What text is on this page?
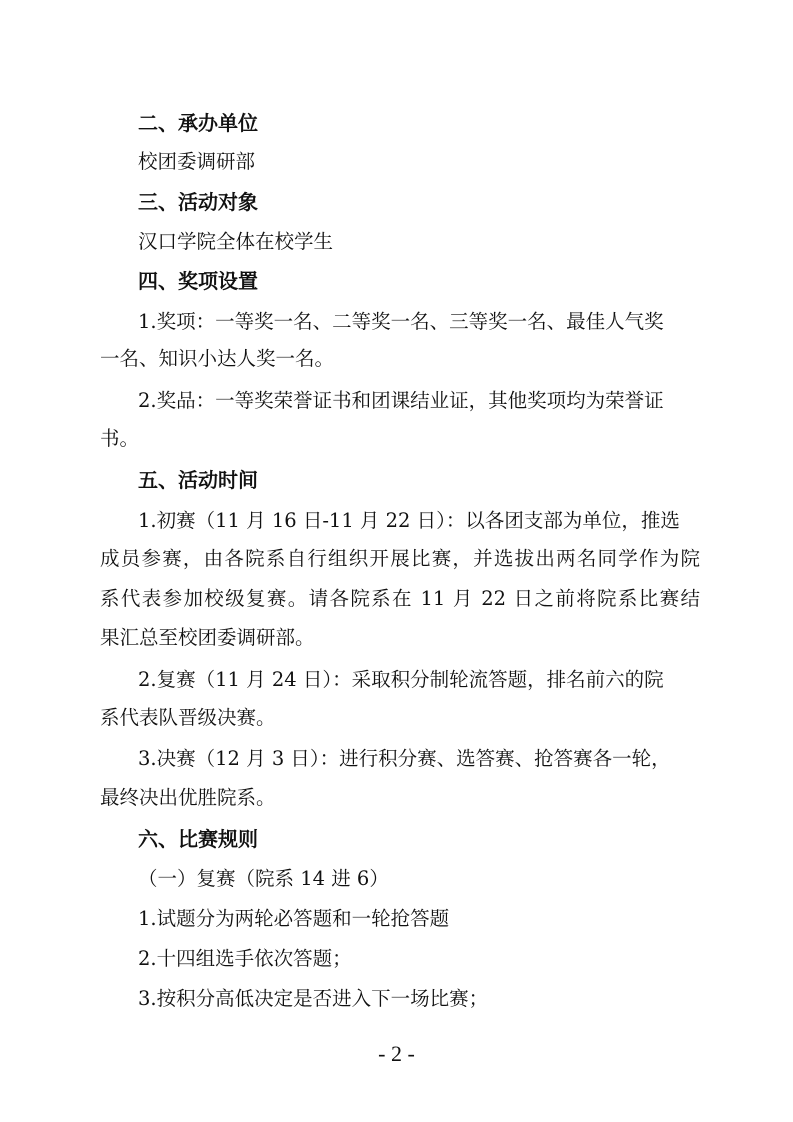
二、承办单位
校团委调研部
三、活动对象
汉口学院全体在校学生
四、奖项设置
1.奖项：一等奖一名、二等奖一名、三等奖一名、最佳人气奖
一名、知识小达人奖一名。
2.奖品：一等奖荣誉证书和团课结业证，其他奖项均为荣誉证
书。
五、活动时间
1.初赛（11 月 16 日-11 月 22 日）：以各团支部为单位，推选
成员参赛，由各院系自行组织开展比赛，并选拔出两名同学作为院
系代表参加校级复赛。请各院系在 11 月 22 日之前将院系比赛结
果汇总至校团委调研部。
2.复赛（11 月 24 日）：采取积分制轮流答题，排名前六的院
系代表队晋级决赛。
3.决赛（12 月 3 日）：进行积分赛、选答赛、抢答赛各一轮，
最终决出优胜院系。
六、比赛规则
（一）复赛（院系 14 进 6）
1.试题分为两轮必答题和一轮抢答题
2.十四组选手依次答题；
3.按积分高低决定是否进入下一场比赛；
- 2 -
